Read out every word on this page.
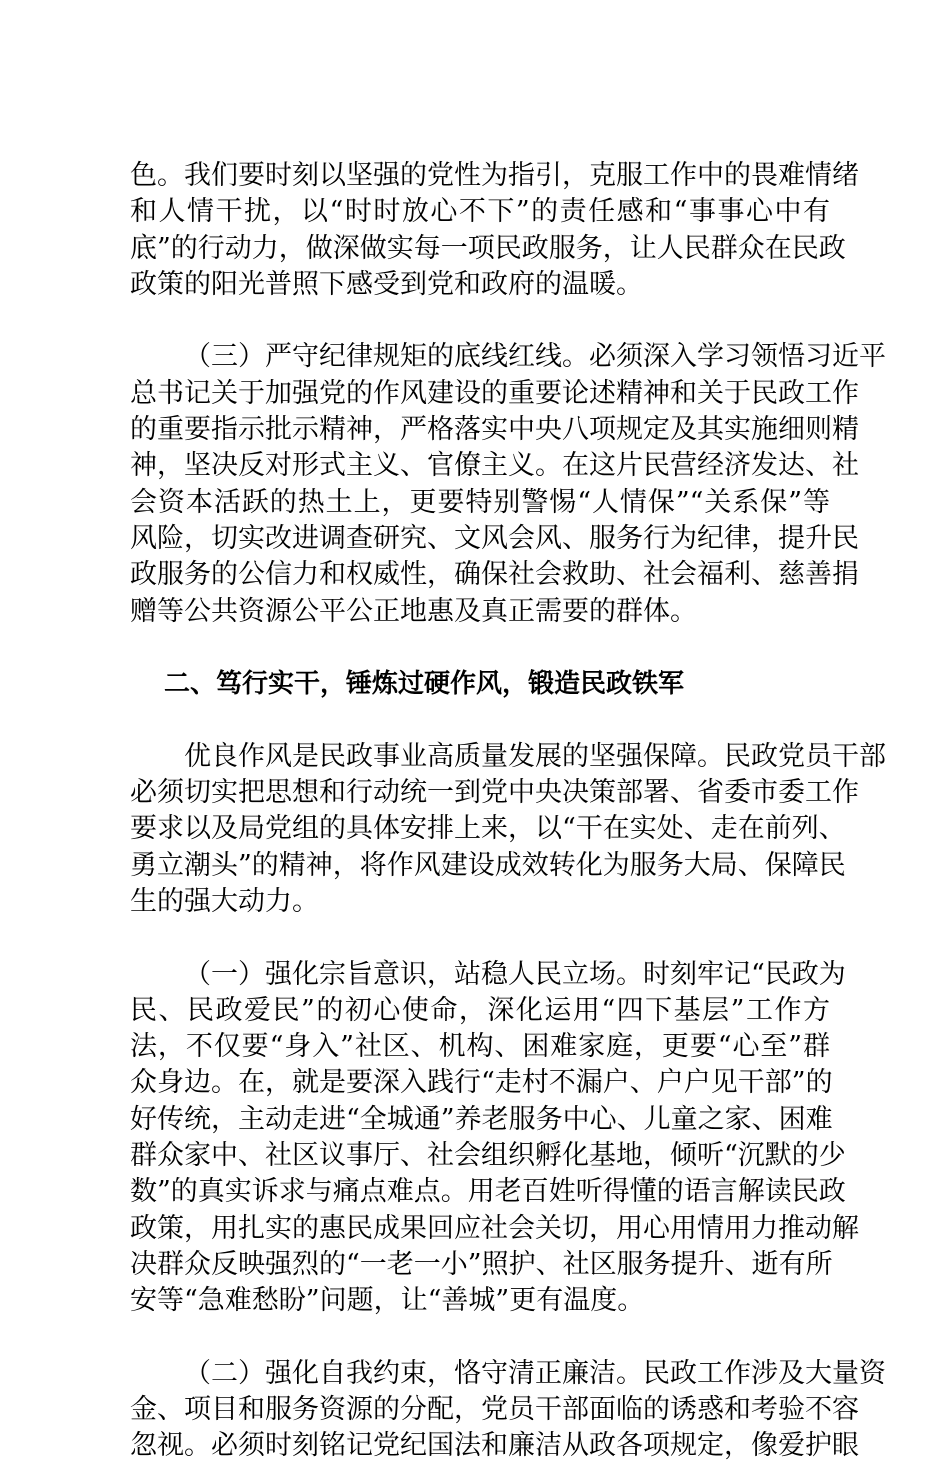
色。我们要时刻以坚强的党性为指引，克服工作中的畏难情绪
和人情干扰，以“时时放心不下”的责任感和“事事心中有
底”的行动力，做深做实每一项民政服务，让人民群众在民政
政策的阳光普照下感受到党和政府的温暖。
（三）严守纪律规矩的底线红线。必须深入学习领悟习近平
总书记关于加强党的作风建设的重要论述精神和关于民政工作
的重要指示批示精神，严格落实中央八项规定及其实施细则精
神，坚决反对形式主义、官僚主义。在这片民营经济发达、社
会资本活跃的热土上，更要特别警惕“人情保”“关系保”等
风险，切实改进调查研究、文风会风、服务行为纪律，提升民
政服务的公信力和权威性，确保社会救助、社会福利、慈善捐
赠等公共资源公平公正地惠及真正需要的群体。
二、笃行实干，锤炼过硬作风，锻造民政铁军
优良作风是民政事业高质量发展的坚强保障。民政党员干部
必须切实把思想和行动统一到党中央决策部署、省委市委工作
要求以及局党组的具体安排上来，以“干在实处、走在前列、
勇立潮头”的精神，将作风建设成效转化为服务大局、保障民
生的强大动力。
（一）强化宗旨意识，站稳人民立场。时刻牢记“民政为
民、民政爱民”的初心使命，深化运用“四下基层”工作方
法，不仅要“身入”社区、机构、困难家庭，更要“心至”群
众身边。在，就是要深入践行“走村不漏户、户户见干部”的
好传统，主动走进“全城通”养老服务中心、儿童之家、困难
群众家中、社区议事厅、社会组织孵化基地，倾听“沉默的少
数”的真实诉求与痛点难点。用老百姓听得懂的语言解读民政
政策，用扎实的惠民成果回应社会关切，用心用情用力推动解
决群众反映强烈的“一老一小”照护、社区服务提升、逝有所
安等“急难愁盼”问题，让“善城”更有温度。
（二）强化自我约束，恪守清正廉洁。民政工作涉及大量资
金、项目和服务资源的分配，党员干部面临的诱惑和考验不容
忽视。必须时刻铭记党纪国法和廉洁从政各项规定，像爱护眼
